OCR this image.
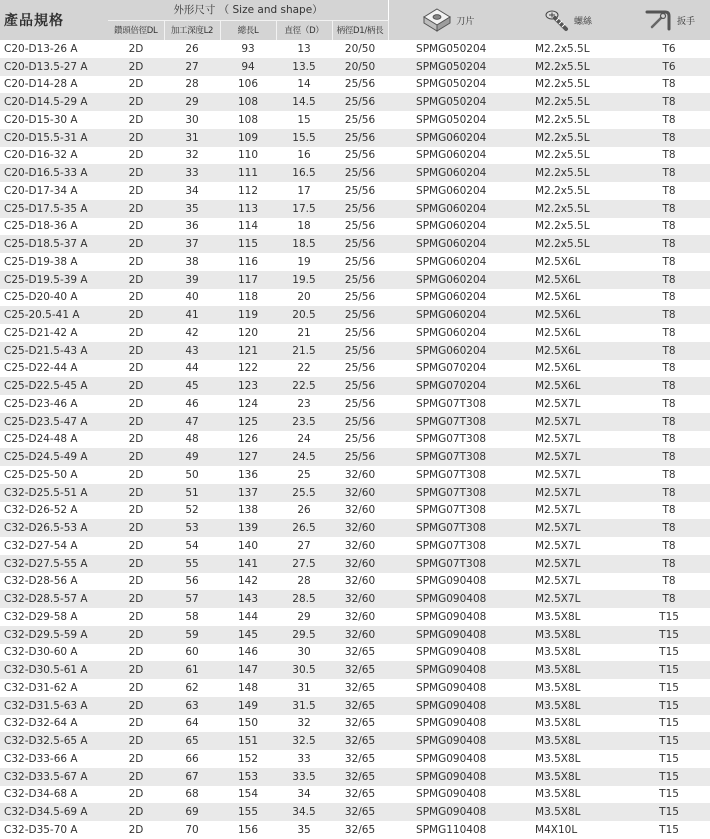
產品規格	外形尺寸 （ Size and shape）					刀片	螺絲	扳手

	鑽頭倍徑DL	加工深度L2	總長L	直徑（D）	柄徑D1/柄長			
C20-D13-26 A	2D	26	93	13	20/50	SPMG050204	M2.2x5.5L	T6
C20-D13.5-27 A	2D	27	94	13.5	20/50	SPMG050204	M2.2x5.5L	T6
C20-D14-28 A	2D	28	106	14	25/56	SPMG050204	M2.2x5.5L	T8
C20-D14.5-29 A	2D	29	108	14.5	25/56	SPMG050204	M2.2x5.5L	T8
C20-D15-30 A	2D	30	108	15	25/56	SPMG050204	M2.2x5.5L	T8
C20-D15.5-31 A	2D	31	109	15.5	25/56	SPMG060204	M2.2x5.5L	T8
C20-D16-32 A	2D	32	110	16	25/56	SPMG060204	M2.2x5.5L	T8
C20-D16.5-33 A	2D	33	111	16.5	25/56	SPMG060204	M2.2x5.5L	T8
C20-D17-34 A	2D	34	112	17	25/56	SPMG060204	M2.2x5.5L	T8
C25-D17.5-35 A	2D	35	113	17.5	25/56	SPMG060204	M2.2x5.5L	T8
C25-D18-36 A	2D	36	114	18	25/56	SPMG060204	M2.2x5.5L	T8
C25-D18.5-37 A	2D	37	115	18.5	25/56	SPMG060204	M2.2x5.5L	T8
C25-D19-38 A	2D	38	116	19	25/56	SPMG060204	M2.5X6L	T8
C25-D19.5-39 A	2D	39	117	19.5	25/56	SPMG060204	M2.5X6L	T8
C25-D20-40 A	2D	40	118	20	25/56	SPMG060204	M2.5X6L	T8
C25-20.5-41 A	2D	41	119	20.5	25/56	SPMG060204	M2.5X6L	T8
C25-D21-42 A	2D	42	120	21	25/56	SPMG060204	M2.5X6L	T8
C25-D21.5-43 A	2D	43	121	21.5	25/56	SPMG060204	M2.5X6L	T8
C25-D22-44 A	2D	44	122	22	25/56	SPMG070204	M2.5X6L	T8
C25-D22.5-45 A	2D	45	123	22.5	25/56	SPMG070204	M2.5X6L	T8
C25-D23-46 A	2D	46	124	23	25/56	SPMG07T308	M2.5X7L	T8
C25-D23.5-47 A	2D	47	125	23.5	25/56	SPMG07T308	M2.5X7L	T8
C25-D24-48 A	2D	48	126	24	25/56	SPMG07T308	M2.5X7L	T8
C25-D24.5-49 A	2D	49	127	24.5	25/56	SPMG07T308	M2.5X7L	T8
C25-D25-50 A	2D	50	136	25	32/60	SPMG07T308	M2.5X7L	T8
C32-D25.5-51 A	2D	51	137	25.5	32/60	SPMG07T308	M2.5X7L	T8
C32-D26-52 A	2D	52	138	26	32/60	SPMG07T308	M2.5X7L	T8
C32-D26.5-53 A	2D	53	139	26.5	32/60	SPMG07T308	M2.5X7L	T8
C32-D27-54 A	2D	54	140	27	32/60	SPMG07T308	M2.5X7L	T8
C32-D27.5-55 A	2D	55	141	27.5	32/60	SPMG07T308	M2.5X7L	T8
C32-D28-56 A	2D	56	142	28	32/60	SPMG090408	M2.5X7L	T8
C32-D28.5-57 A	2D	57	143	28.5	32/60	SPMG090408	M2.5X7L	T8
C32-D29-58 A	2D	58	144	29	32/60	SPMG090408	M3.5X8L	T15
C32-D29.5-59 A	2D	59	145	29.5	32/60	SPMG090408	M3.5X8L	T15
C32-D30-60 A	2D	60	146	30	32/65	SPMG090408	M3.5X8L	T15
C32-D30.5-61 A	2D	61	147	30.5	32/65	SPMG090408	M3.5X8L	T15
C32-D31-62 A	2D	62	148	31	32/65	SPMG090408	M3.5X8L	T15
C32-D31.5-63 A	2D	63	149	31.5	32/65	SPMG090408	M3.5X8L	T15
C32-D32-64 A	2D	64	150	32	32/65	SPMG090408	M3.5X8L	T15
C32-D32.5-65 A	2D	65	151	32.5	32/65	SPMG090408	M3.5X8L	T15
C32-D33-66 A	2D	66	152	33	32/65	SPMG090408	M3.5X8L	T15
C32-D33.5-67 A	2D	67	153	33.5	32/65	SPMG090408	M3.5X8L	T15
C32-D34-68 A	2D	68	154	34	32/65	SPMG090408	M3.5X8L	T15
C32-D34.5-69 A	2D	69	155	34.5	32/65	SPMG090408	M3.5X8L	T15
C32-D35-70 A	2D	70	156	35	32/65	SPMG110408	M4X10L	T15
